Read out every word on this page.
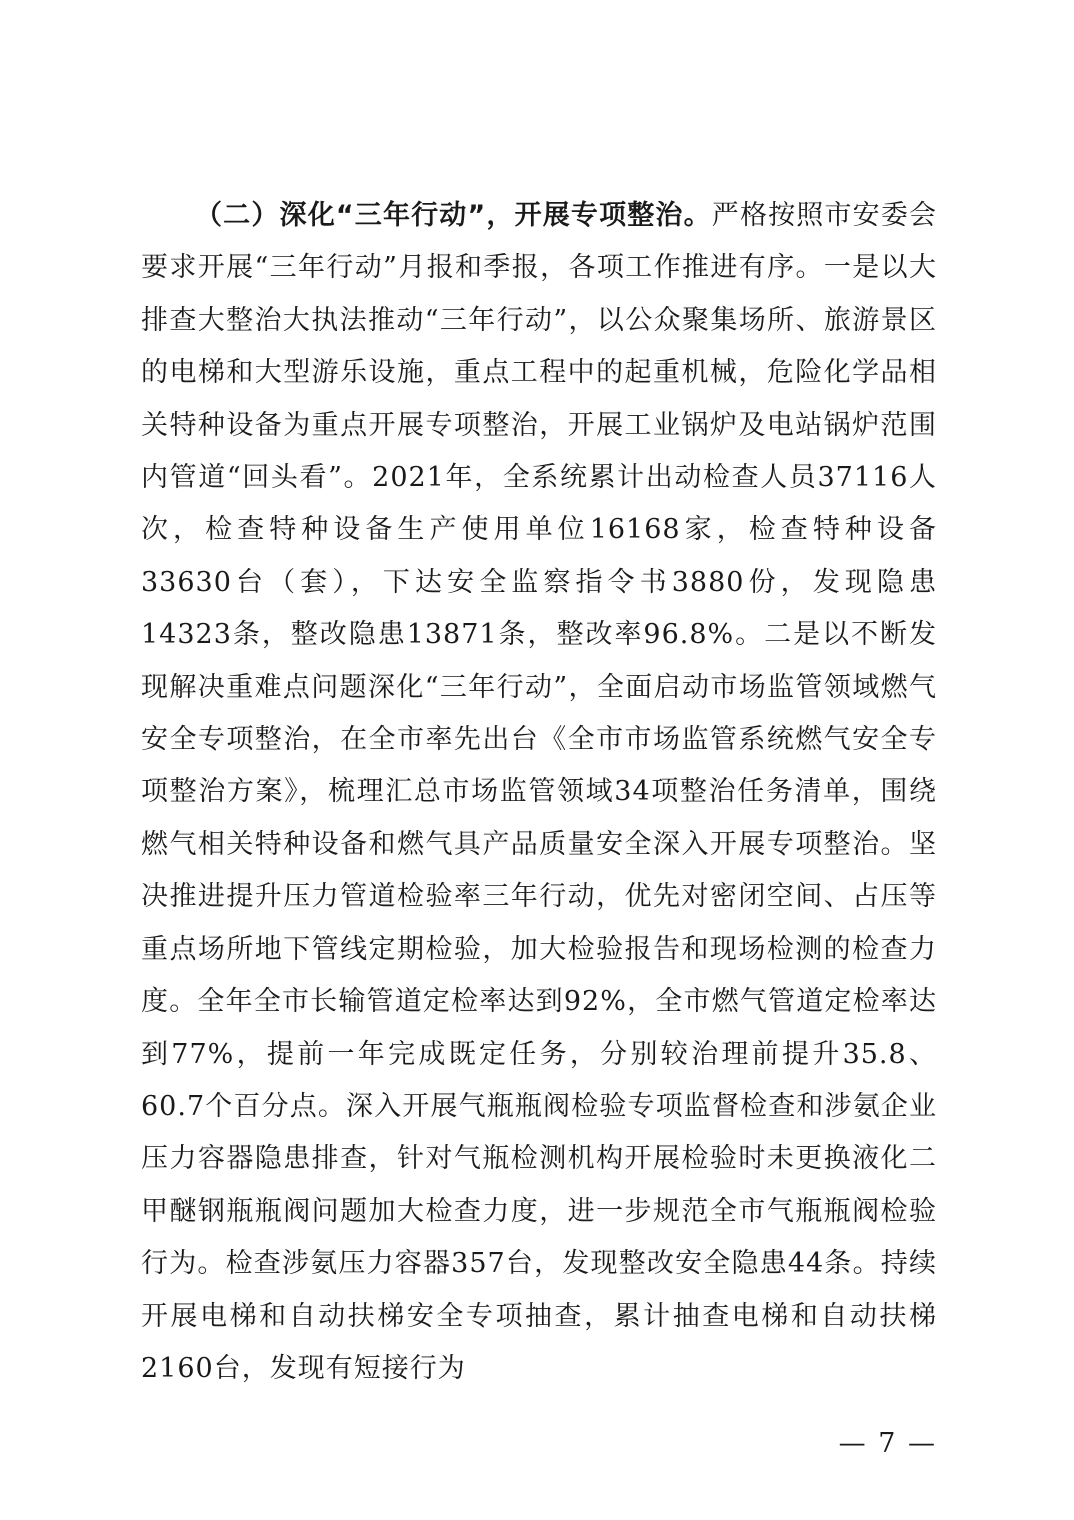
（二）深化“三年行动”，开展专项整治。严格按照市安委会要求开展“三年行动”月报和季报，各项工作推进有序。一是以大排查大整治大执法推动“三年行动”，以公众聚集场所、旅游景区的电梯和大型游乐设施，重点工程中的起重机械，危险化学品相关特种设备为重点开展专项整治，开展工业锅炉及电站锅炉范围内管道“回头看”。2021年，全系统累计出动检查人员37116人次，检查特种设备生产使用单位16168家，检查特种设备33630台（套），下达安全监察指令书3880份，发现隐患14323条，整改隐患13871条，整改率96.8%。二是以不断发现解决重难点问题深化“三年行动”，全面启动市场监管领域燃气安全专项整治，在全市率先出台《全市市场监管系统燃气安全专项整治方案》，梳理汇总市场监管领域34项整治任务清单，围绕燃气相关特种设备和燃气具产品质量安全深入开展专项整治。坚决推进提升压力管道检验率三年行动，优先对密闭空间、占压等重点场所地下管线定期检验，加大检验报告和现场检测的检查力度。全年全市长输管道定检率达到92%，全市燃气管道定检率达到77%，提前一年完成既定任务，分别较治理前提升35.8、60.7个百分点。深入开展气瓶瓶阀检验专项监督检查和涉氨企业压力容器隐患排查，针对气瓶检测机构开展检验时未更换液化二甲醚钢瓶瓶阀问题加大检查力度，进一步规范全市气瓶瓶阀检验行为。检查涉氨压力容器357台，发现整改安全隐患44条。持续开展电梯和自动扶梯安全专项抽查，累计抽查电梯和自动扶梯2160台，发现有短接行为

— 7 —
